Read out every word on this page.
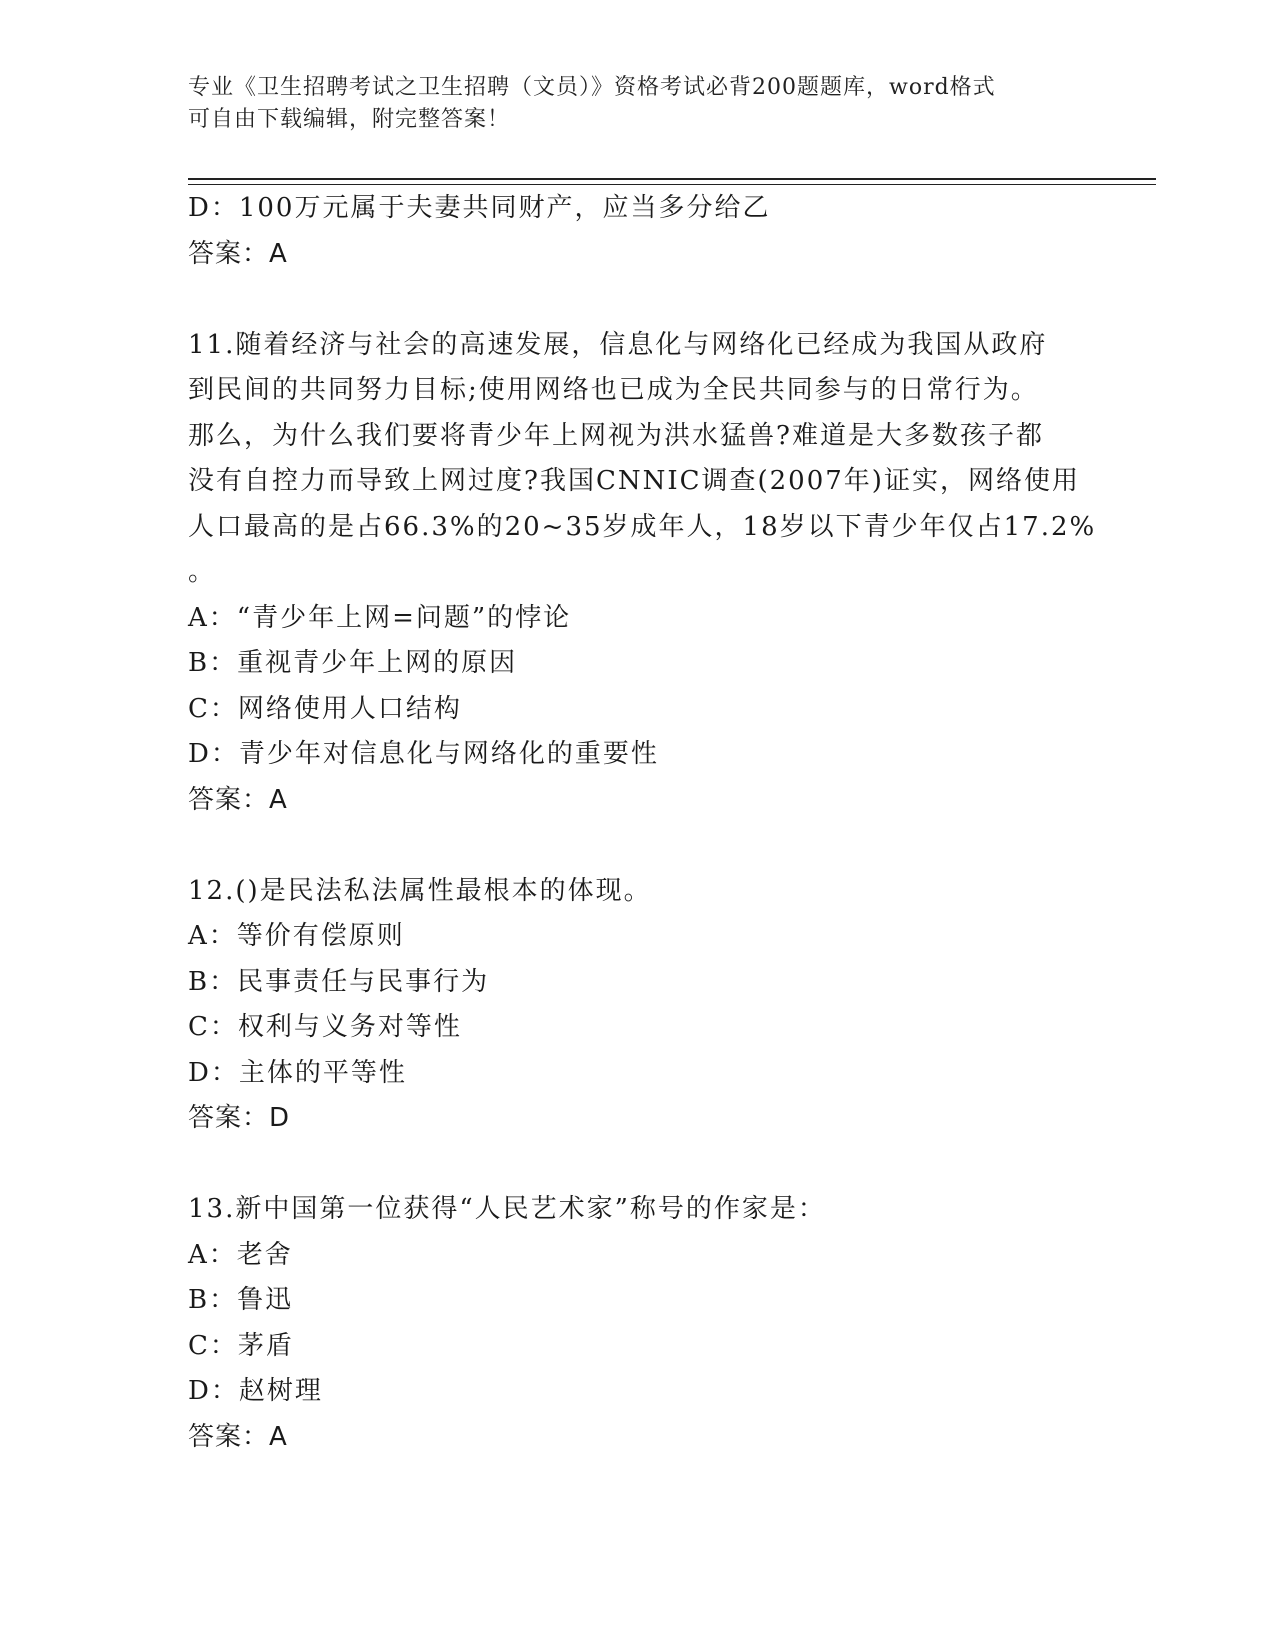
专业《卫生招聘考试之卫生招聘（文员）》资格考试必背200题题库，word格式
可自由下载编辑，附完整答案！
D：100万元属于夫妻共同财产，应当多分给乙
答案：A
11.随着经济与社会的高速发展，信息化与网络化已经成为我国从政府
到民间的共同努力目标;使用网络也已成为全民共同参与的日常行为。
那么，为什么我们要将青少年上网视为洪水猛兽?难道是大多数孩子都
没有自控力而导致上网过度?我国CNNIC调查(2007年)证实，网络使用
人口最高的是占66.3%的20~35岁成年人，18岁以下青少年仅占17.2%
。
A：“青少年上网=问题”的悖论
B：重视青少年上网的原因
C：网络使用人口结构
D：青少年对信息化与网络化的重要性
答案：A
12.()是民法私法属性最根本的体现。
A：等价有偿原则
B：民事责任与民事行为
C：权利与义务对等性
D：主体的平等性
答案：D
13.新中国第一位获得“人民艺术家”称号的作家是：
A：老舍
B：鲁迅
C：茅盾
D：赵树理
答案：A
